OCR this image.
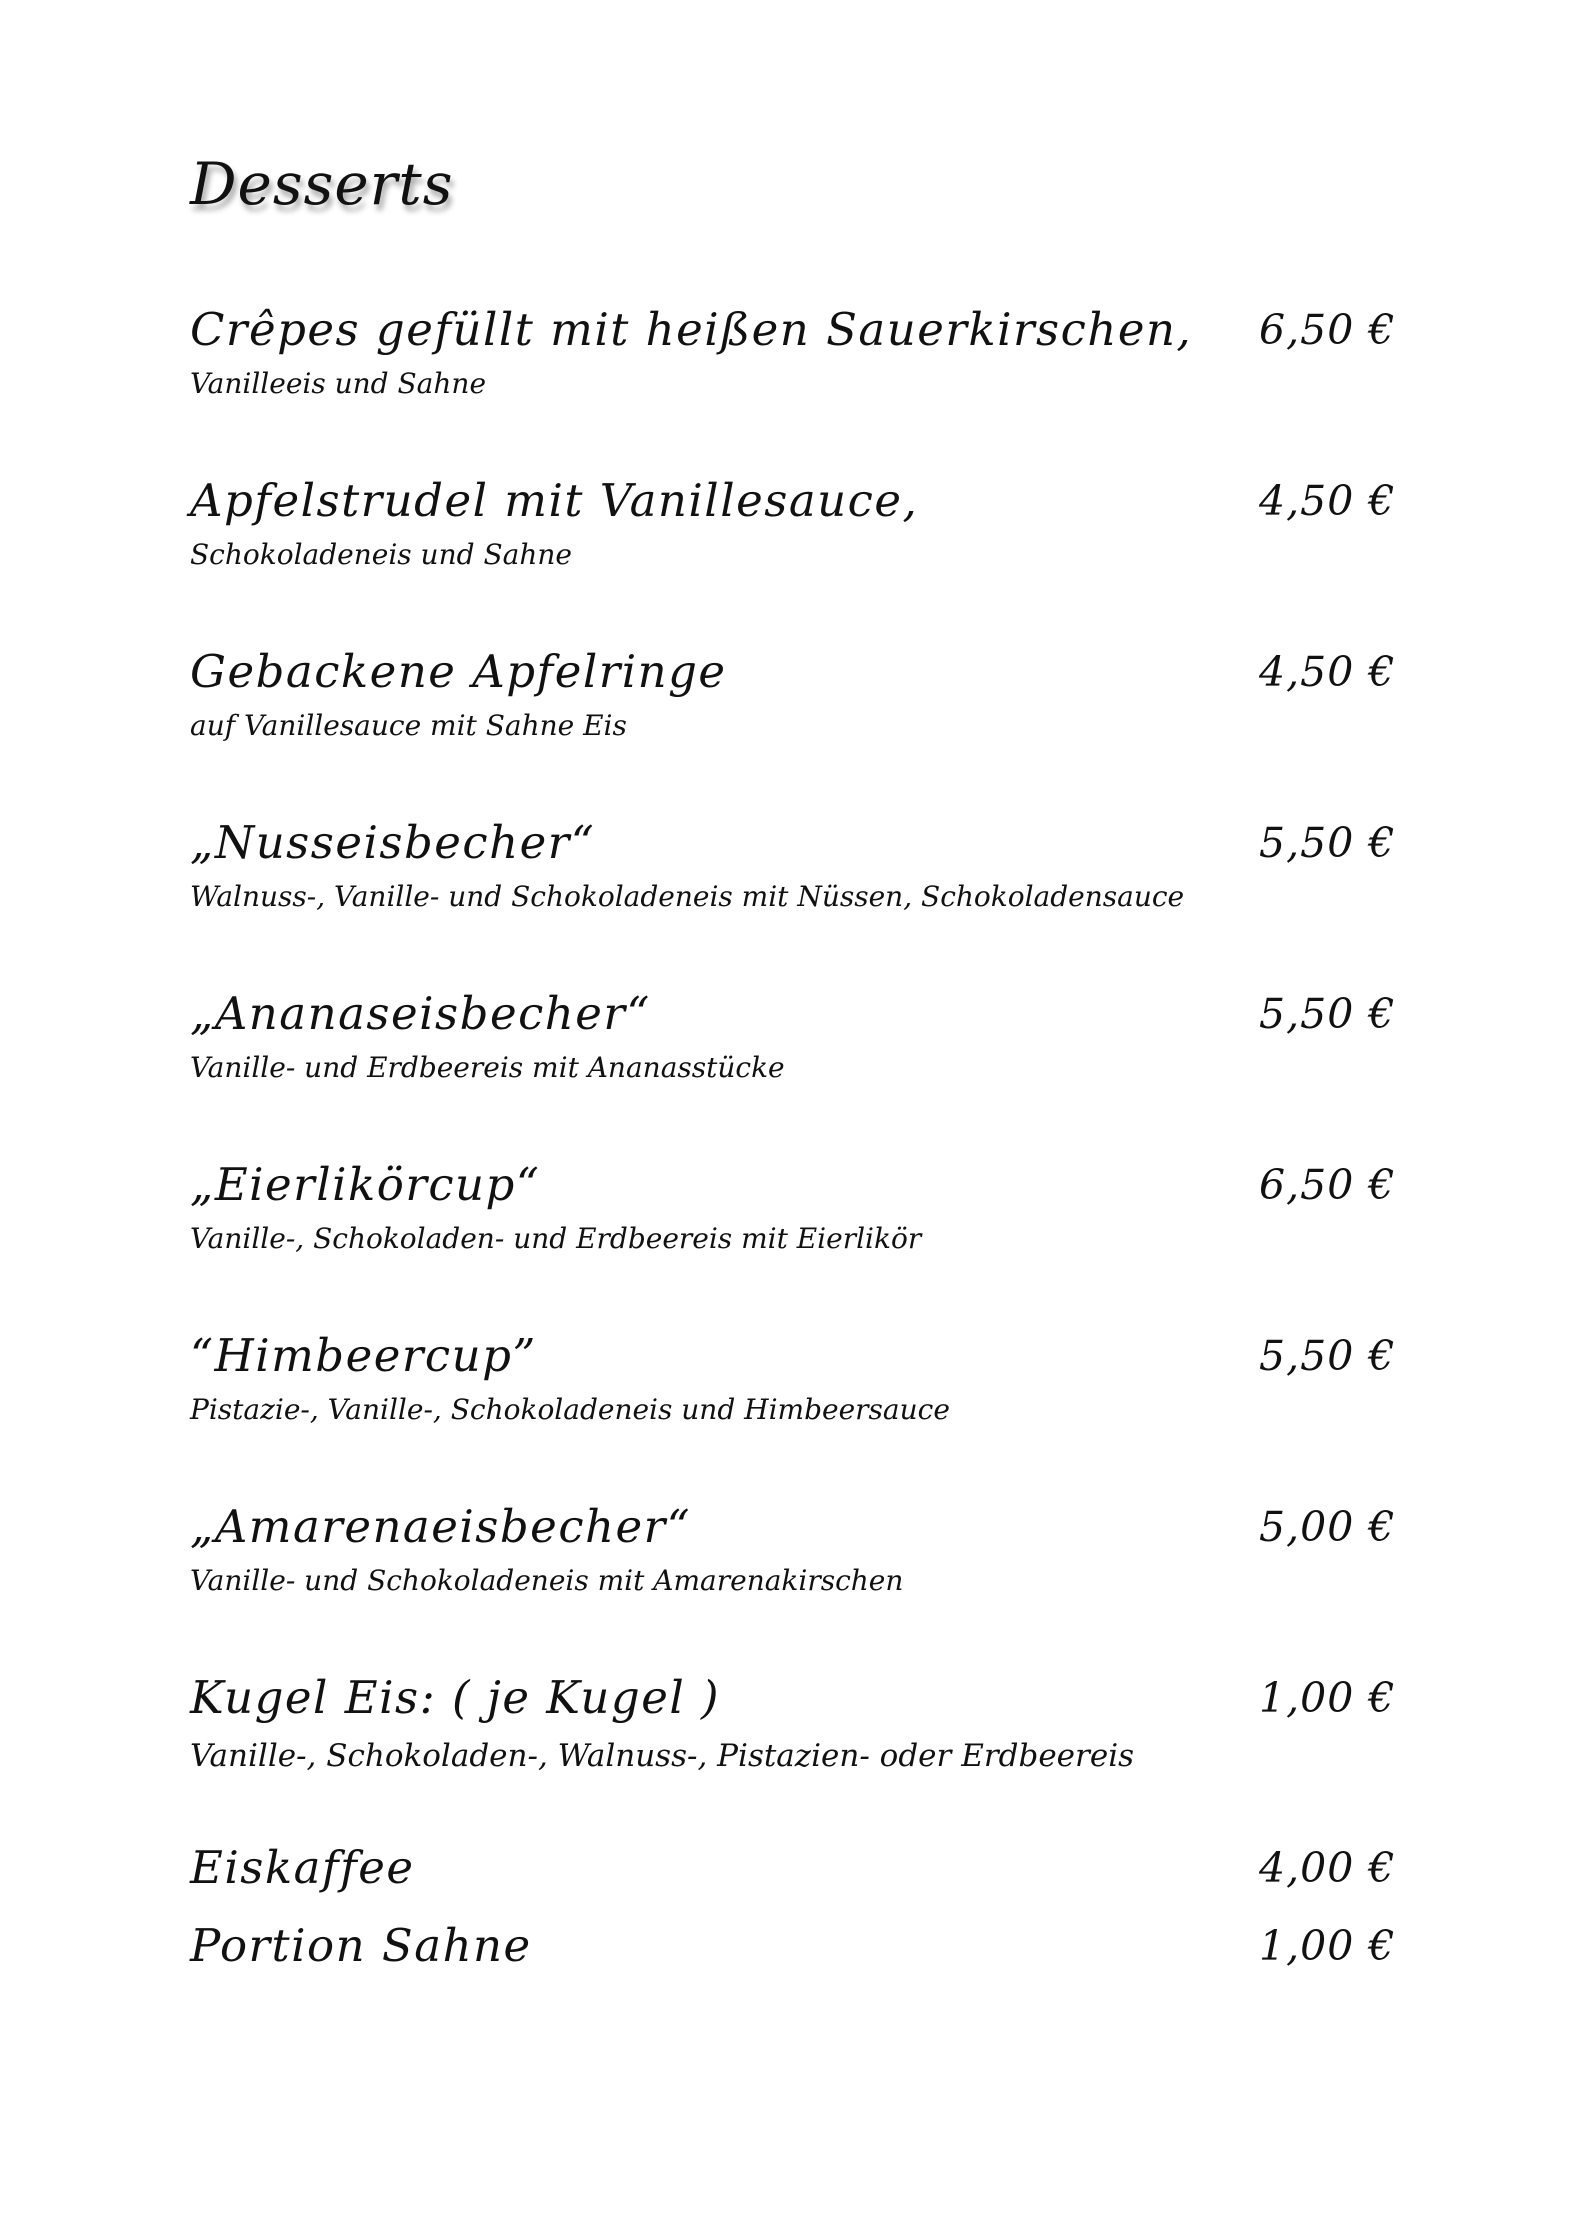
Desserts
Crêpes gefüllt mit heißen Sauerkirschen, 6,50 €
Vanilleeis und Sahne
Apfelstrudel mit Vanillesauce,	4,50 €
Schokoladeneis und Sahne
Gebackene Apfelringe	4,50 €
auf Vanillesauce mit Sahne Eis
„Nusseisbecher“	5,50 €
Walnuss-, Vanille- und Schokoladeneis mit Nüssen, Schokoladensauce
„Ananaseisbecher“	5,50 €
Vanille- und Erdbeereis mit Ananasstücke
„Eierlikörcup“	6,50 €
Vanille-, Schokoladen- und Erdbeereis mit Eierlikör
“Himbeercup”	5,50 €
Pistazie-, Vanille-, Schokoladeneis und Himbeersauce
„Amarenaeisbecher“	5,00 €
Vanille- und Schokoladeneis mit Amarenakirschen
Kugel Eis: ( je Kugel )	1,00 €
Vanille-, Schokoladen-, Walnuss-, Pistazien- oder Erdbeereis
Eiskaffee	4,00 €
Portion Sahne	1,00 €
